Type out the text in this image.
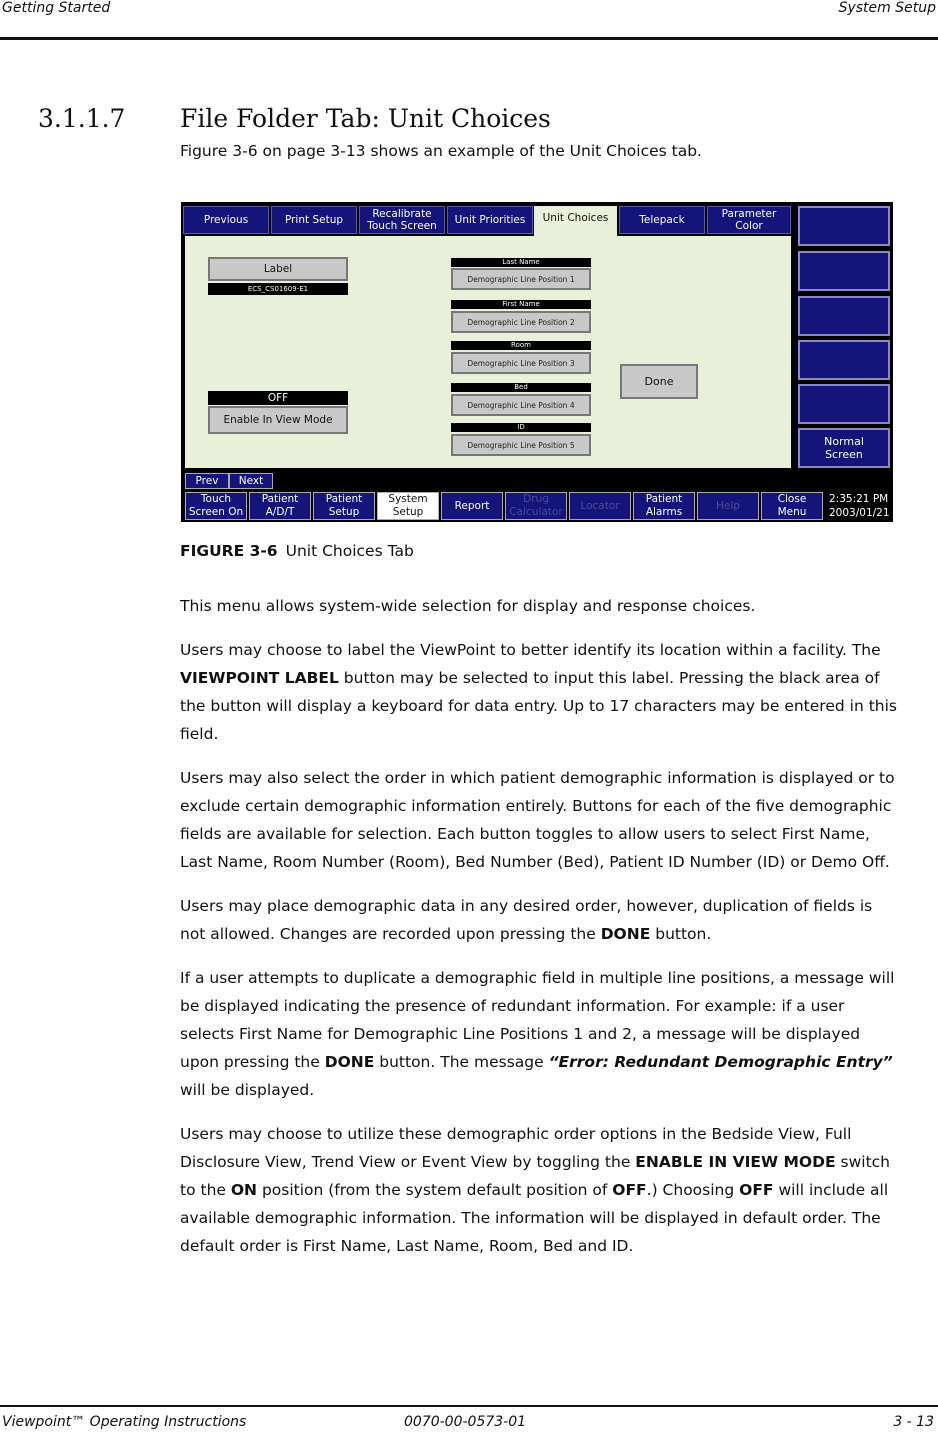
Getting Started	System Setup
3.1.1.7 File Folder Tab: Unit Choices
Figure 3-6 on page 3-13 shows an example of the Unit Choices tab.
Previous	Print Setup	Recalibrate
Touch Screen	Unit Priorities	Unit Choices	Telepack	Parameter Color
Normal
Screen
Label
ECS_CS01609-E1
OFF
Enable In View Mode
Last Name
Demographic Line Position 1
First Name
Demographic Line Position 2
Room
Demographic Line Position 3
Bed
Demographic Line Position 4
ID
Demographic Line Position 5
Done
Prev	Next
Touch
Screen On
Patient
A/D/T
Patient
Setup
System
Setup
Report
Drug
Calculator
Locator
Patient
Alarms
Help
Close
Menu
2:35:21 PM
2003/01/21
FIGURE 3-6 Unit Choices Tab
This menu allows system-wide selection for display and response choices.
Users may choose to label the ViewPoint to better identify its location within a facility. The VIEWPOINT LABEL button may be selected to input this label. Pressing the black area of the button will display a keyboard for data entry. Up to 17 characters may be entered in this field.
Users may also select the order in which patient demographic information is displayed or to exclude certain demographic information entirely. Buttons for each of the five demographic fields are available for selection. Each button toggles to allow users to select First Name, Last Name, Room Number (Room), Bed Number (Bed), Patient ID Number (ID) or Demo Off.
Users may place demographic data in any desired order, however, duplication of fields is not allowed. Changes are recorded upon pressing the DONE button.
If a user attempts to duplicate a demographic field in multiple line positions, a message will be displayed indicating the presence of redundant information. For example: if a user selects First Name for Demographic Line Positions 1 and 2, a message will be displayed upon pressing the DONE button. The message “Error: Redundant Demographic Entry” will be displayed.
Users may choose to utilize these demographic order options in the Bedside View, Full Disclosure View, Trend View or Event View by toggling the ENABLE IN VIEW MODE switch to the ON position (from the system default position of OFF.) Choosing OFF will include all available demographic information. The information will be displayed in default order. The default order is First Name, Last Name, Room, Bed and ID.
Viewpoint™ Operating Instructions	0070-00-0573-01	3 - 13
